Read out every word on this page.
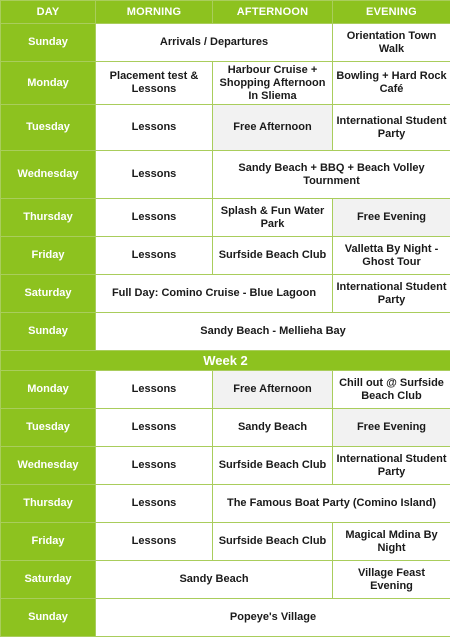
DAY	MORNING	AFTERNOON	EVENING
Sunday	Arrivals / Departures		Orientation Town Walk
Monday	Placement test & Lessons	Harbour Cruise + Shopping Afternoon In Sliema	Bowling + Hard Rock Café
Tuesday	Lessons	Free Afternoon	International Student Party
Wednesday	Lessons	Sandy Beach + BBQ + Beach Volley Tournment	
Thursday	Lessons	Splash & Fun Water Park	Free Evening
Friday	Lessons	Surfside Beach Club	Valletta By Night - Ghost Tour
Saturday	Full Day: Comino Cruise - Blue Lagoon		International Student Party
Sunday	Sandy Beach - Mellieha Bay		
Week 2			
Monday	Lessons	Free Afternoon	Chill out @ Surfside Beach Club
Tuesday	Lessons	Sandy Beach	Free Evening
Wednesday	Lessons	Surfside Beach Club	International Student Party
Thursday	Lessons	The Famous Boat Party (Comino Island)	
Friday	Lessons	Surfside Beach Club	Magical Mdina By Night
Saturday	Sandy Beach		Village Feast Evening
Sunday	Popeye's Village		
